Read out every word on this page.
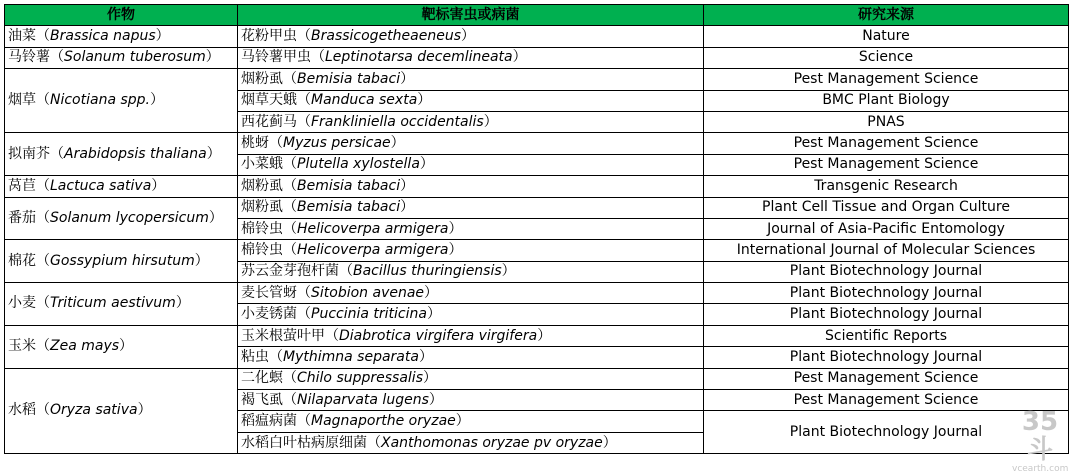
作物	靶标害虫或病菌	研究来源
油菜（Brassica napus）	花粉甲虫（Brassicogetheaeneus）	Nature
马铃薯（Solanum tuberosum）	马铃薯甲虫（Leptinotarsa decemlineata）	Science
烟草（Nicotiana spp.）	烟粉虱（Bemisia tabaci）	Pest Management Science
	烟草天蛾（Manduca sexta）	BMC Plant Biology
	西花蓟马（Frankliniella occidentalis）	PNAS
拟南芥（Arabidopsis thaliana）	桃蚜（Myzus persicae）	Pest Management Science
	小菜蛾（Plutella xylostella）	Pest Management Science
莴苣（Lactuca sativa）	烟粉虱（Bemisia tabaci）	Transgenic Research
番茄（Solanum lycopersicum）	烟粉虱（Bemisia tabaci）	Plant Cell Tissue and Organ Culture
	棉铃虫（Helicoverpa armigera）	Journal of Asia-Pacific Entomology
棉花（Gossypium hirsutum）	棉铃虫（Helicoverpa armigera）	International Journal of Molecular Sciences
	苏云金芽孢杆菌（Bacillus thuringiensis）	Plant Biotechnology Journal
小麦（Triticum aestivum）	麦长管蚜（Sitobion avenae）	Plant Biotechnology Journal
	小麦锈菌（Puccinia triticina）	Plant Biotechnology Journal
玉米（Zea mays）	玉米根萤叶甲（Diabrotica virgifera virgifera）	Scientific Reports
	粘虫（Mythimna separata）	Plant Biotechnology Journal
水稻（Oryza sativa）	二化螟（Chilo suppressalis）	Pest Management Science
	褐飞虱（Nilaparvata lugens）	Pest Management Science
	稻瘟病菌（Magnaporthe oryzae）	Plant Biotechnology Journal
	水稻白叶枯病原细菌（Xanthomonas oryzae pv oryzae）	
35斗
vcearth.com
